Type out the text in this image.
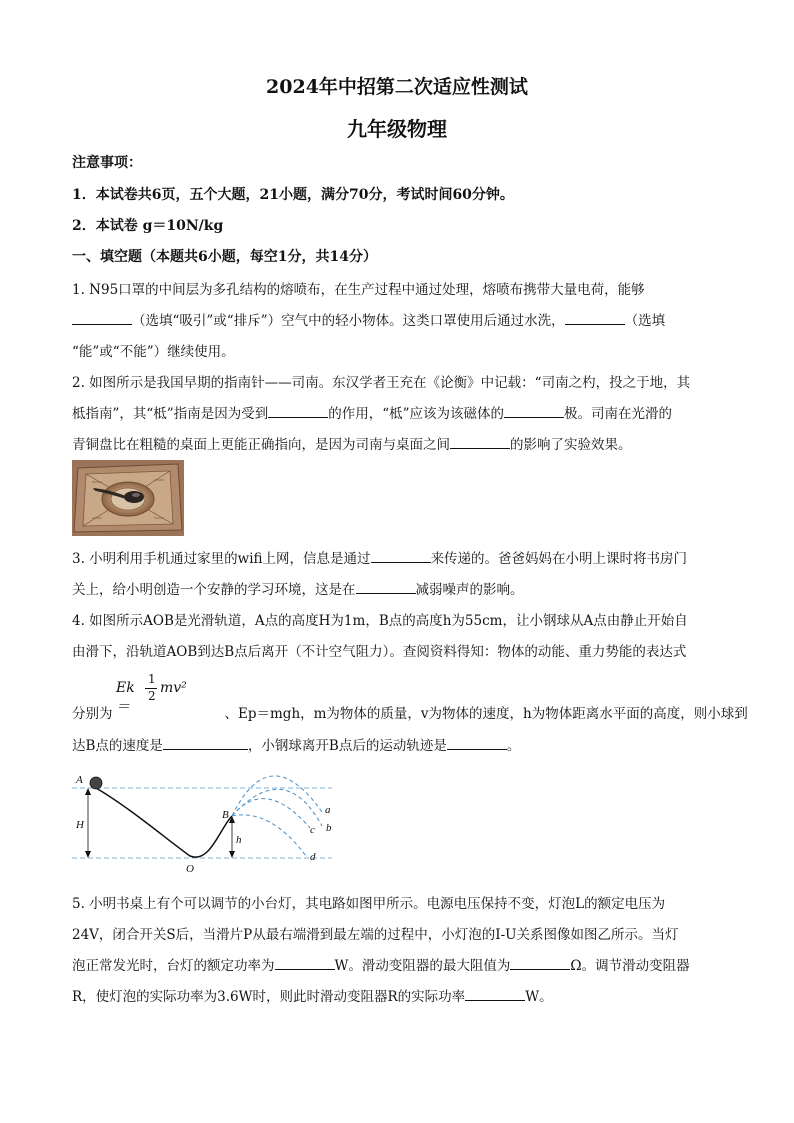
2024年中招第二次适应性测试
九年级物理
注意事项：
1．本试卷共6页，五个大题，21小题，满分70分，考试时间60分钟。
2．本试卷 g＝10N/kg
一、填空题（本题共6小题，每空1分，共14分）
1. N95口罩的中间层为多孔结构的熔喷布，在生产过程中通过处理，熔喷布携带大量电荷，能够
（选填“吸引”或“排斥”）空气中的轻小物体。这类口罩使用后通过水洗，	（选填
“能”或“不能”）继续使用。
2. 如图所示是我国早期的指南针——司南。东汉学者王充在《论衡》中记载：“司南之杓，投之于地，其
柢指南”，其“柢”指南是因为受到	的作用，“柢”应该为该磁体的	极。司南在光滑的
青铜盘比在粗糙的桌面上更能正确指向，是因为司南与桌面之间	的影响了实验效果。
3. 小明利用手机通过家里的wifi上网，信息是通过	来传递的。爸爸妈妈在小明上课时将书房门
关上，给小明创造一个安静的学习环境，这是在	减弱噪声的影响。
4. 如图所示AOB是光滑轨道，A点的高度H为1m，B点的高度h为55cm，让小钢球从A点由静止开始自
由滑下，沿轨道AOB到达B点后离开（不计空气阻力）。查阅资料得知：物体的动能、重力势能的表达式
Ek＝
1
2 mv²
分别为	、Ep＝mgh，m为物体的质量，v为物体的速度，h为物体距离水平面的高度，则小球到
达B点的速度是	，小钢球离开B点后的运动轨迹是	。
A
H
B
h
O
a
b
c
d
5. 小明书桌上有个可以调节的小台灯，其电路如图甲所示。电源电压保持不变，灯泡L的额定电压为
24V，闭合开关S后，当滑片P从最右端滑到最左端的过程中，小灯泡的I-U关系图像如图乙所示。当灯
泡正常发光时，台灯的额定功率为	W。滑动变阻器的最大阻值为	Ω。调节滑动变阻器
R，使灯泡的实际功率为3.6W时，则此时滑动变阻器R的实际功率	W。
